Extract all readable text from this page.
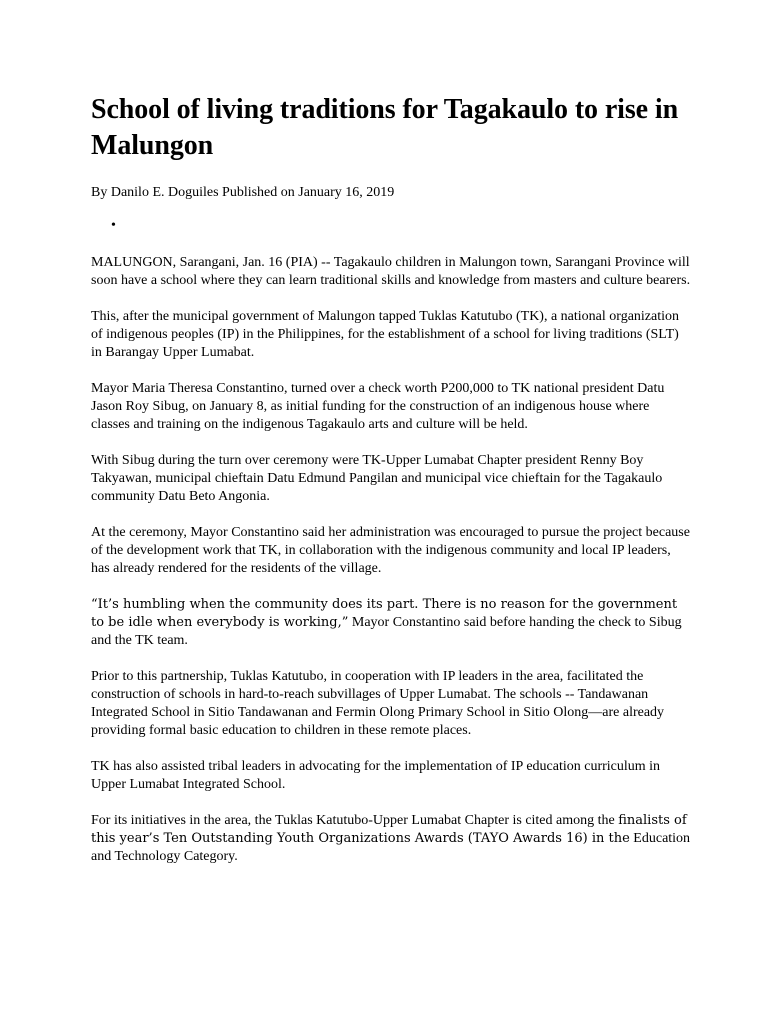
School of living traditions for Tagakaulo to rise in Malungon

By Danilo E. Doguiles Published on January 16, 2019

•

MALUNGON, Sarangani, Jan. 16 (PIA) -- Tagakaulo children in Malungon town, Sarangani Province will soon have a school where they can learn traditional skills and knowledge from masters and culture bearers.

This, after the municipal government of Malungon tapped Tuklas Katutubo (TK), a national organization of indigenous peoples (IP) in the Philippines, for the establishment of a school for living traditions (SLT) in Barangay Upper Lumabat.

Mayor Maria Theresa Constantino, turned over a check worth P200,000 to TK national president Datu Jason Roy Sibug, on January 8, as initial funding for the construction of an indigenous house where classes and training on the indigenous Tagakaulo arts and culture will be held.

With Sibug during the turn over ceremony were TK-Upper Lumabat Chapter president Renny Boy Takyawan, municipal chieftain Datu Edmund Pangilan and municipal vice chieftain for the Tagakaulo community Datu Beto Angonia.

At the ceremony, Mayor Constantino said her administration was encouraged to pursue the project because of the development work that TK, in collaboration with the indigenous community and local IP leaders, has already rendered for the residents of the village.

“It’s humbling when the community does its part. There is no reason for the government to be idle when everybody is working,” Mayor Constantino said before handing the check to Sibug and the TK team.

Prior to this partnership, Tuklas Katutubo, in cooperation with IP leaders in the area, facilitated the construction of schools in hard-to-reach subvillages of Upper Lumabat. The schools -- Tandawanan Integrated School in Sitio Tandawanan and Fermin Olong Primary School in Sitio Olong—are already providing formal basic education to children in these remote places.

TK has also assisted tribal leaders in advocating for the implementation of IP education curriculum in Upper Lumabat Integrated School.

For its initiatives in the area, the Tuklas Katutubo-Upper Lumabat Chapter is cited among the finalists of this year’s Ten Outstanding Youth Organizations Awards (TAYO Awards 16) in the Education and Technology Category.
